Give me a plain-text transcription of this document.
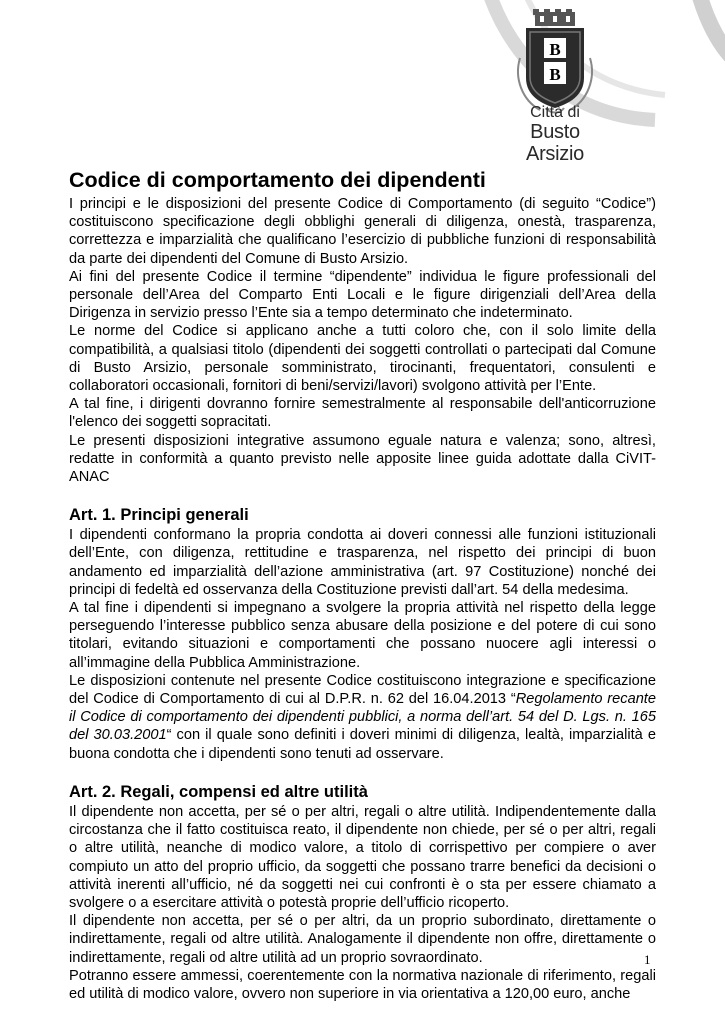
B
B
Città di
Busto Arsizio
Codice di comportamento dei dipendenti

I principi e le disposizioni del presente Codice di Comportamento (di seguito “Codice”) costituiscono specificazione degli obblighi generali di diligenza, onestà, trasparenza, correttezza e imparzialità che qualificano l’esercizio di pubbliche funzioni di responsabilità da parte dei dipendenti del Comune di Busto Arsizio.

Ai fini del presente Codice il termine “dipendente” individua le figure professionali del personale dell’Area del Comparto Enti Locali e le figure dirigenziali dell’Area della Dirigenza in servizio presso l’Ente sia a tempo determinato che indeterminato.

Le norme del Codice si applicano anche a tutti coloro che, con il solo limite della compatibilità, a qualsiasi titolo (dipendenti dei soggetti controllati o partecipati dal Comune di Busto Arsizio, personale somministrato, tirocinanti, frequentatori, consulenti e collaboratori occasionali, fornitori di beni/servizi/lavori) svolgono attività per l’Ente.

A tal fine, i dirigenti dovranno fornire semestralmente al responsabile dell'anticorruzione l'elenco dei soggetti sopracitati.

Le presenti disposizioni integrative assumono eguale natura e valenza; sono, altresì, redatte in conformità a quanto previsto nelle apposite linee guida adottate dalla CiVIT-ANAC

Art. 1. Principi generali

I dipendenti conformano la propria condotta ai doveri connessi alle funzioni istituzionali dell’Ente, con diligenza, rettitudine e trasparenza, nel rispetto dei principi di buon andamento ed imparzialità dell’azione amministrativa (art. 97 Costituzione) nonché dei principi di fedeltà ed osservanza della Costituzione previsti dall’art. 54 della medesima.

A tal fine i dipendenti si impegnano a svolgere la propria attività nel rispetto della legge perseguendo l’interesse pubblico senza abusare della posizione e del potere di cui sono titolari, evitando situazioni e comportamenti che possano nuocere agli interessi o all’immagine della Pubblica Amministrazione.

Le disposizioni contenute nel presente Codice costituiscono integrazione e specificazione del Codice di Comportamento di cui al D.P.R. n. 62 del 16.04.2013 “Regolamento recante il Codice di comportamento dei dipendenti pubblici, a norma dell’art. 54 del D. Lgs. n. 165 del 30.03.2001“ con il quale sono definiti i doveri minimi di diligenza, lealtà, imparzialità e buona condotta che i dipendenti sono tenuti ad osservare.

Art. 2. Regali, compensi ed altre utilità

Il dipendente non accetta, per sé o per altri, regali o altre utilità. Indipendentemente dalla circostanza che il fatto costituisca reato, il dipendente non chiede, per sé o per altri, regali o altre utilità, neanche di modico valore, a titolo di corrispettivo per compiere o aver compiuto un atto del proprio ufficio, da soggetti che possano trarre benefici da decisioni o attività inerenti all’ufficio, né da soggetti nei cui confronti è o sta per essere chiamato a svolgere o a esercitare attività o potestà proprie dell’ufficio ricoperto.

Il dipendente non accetta, per sé o per altri, da un proprio subordinato, direttamente o indirettamente, regali od altre utilità. Analogamente il dipendente non offre, direttamente o indirettamente, regali od altre utilità ad un proprio sovraordinato.

Potranno essere ammessi, coerentemente con la normativa nazionale di riferimento, regali ed utilità di modico valore, ovvero non superiore in via orientativa a 120,00 euro, anche

1
